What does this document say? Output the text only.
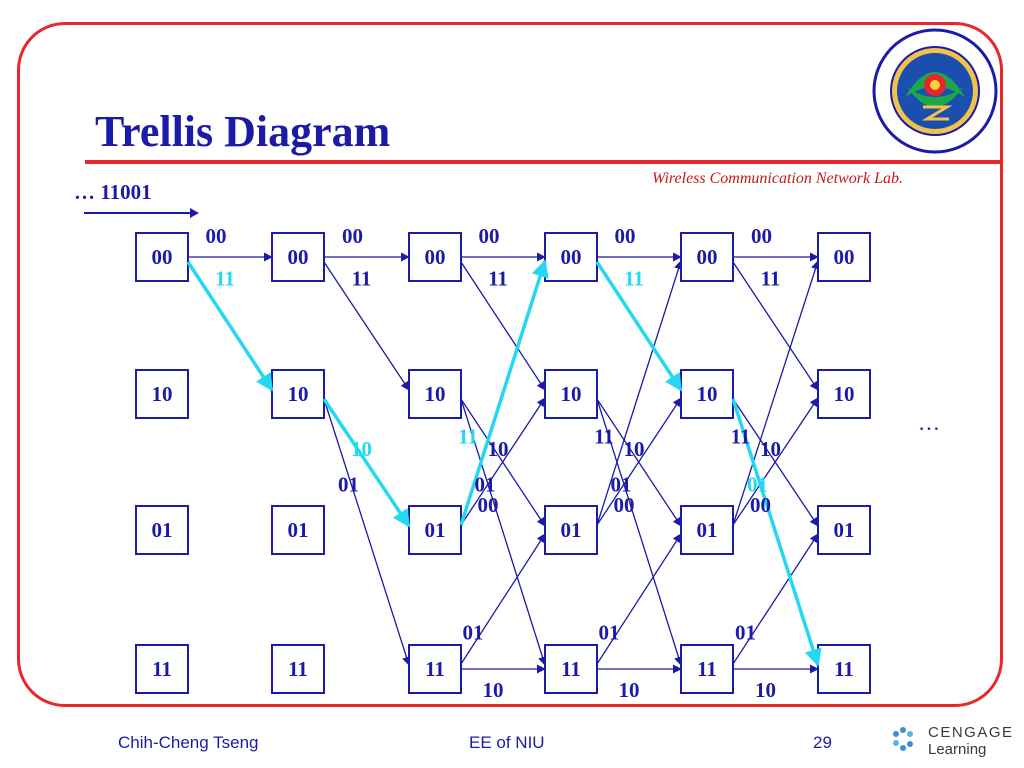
Trellis Diagram
Wireless Communication Network Lab.
… 11001
00
10
01
11
00
10
01
11
00
10
01
11
00
10
01
11
00
10
01
11
00
10
01
11
00
11
00
11
10
01
00
11
10
01
11
00
01
10
00
11
10
01
11
00
01
10
00
11
10
01
11
00
01
10
…
Chih-Cheng Tseng	EE of NIU	29
CENGAGE
Learning
